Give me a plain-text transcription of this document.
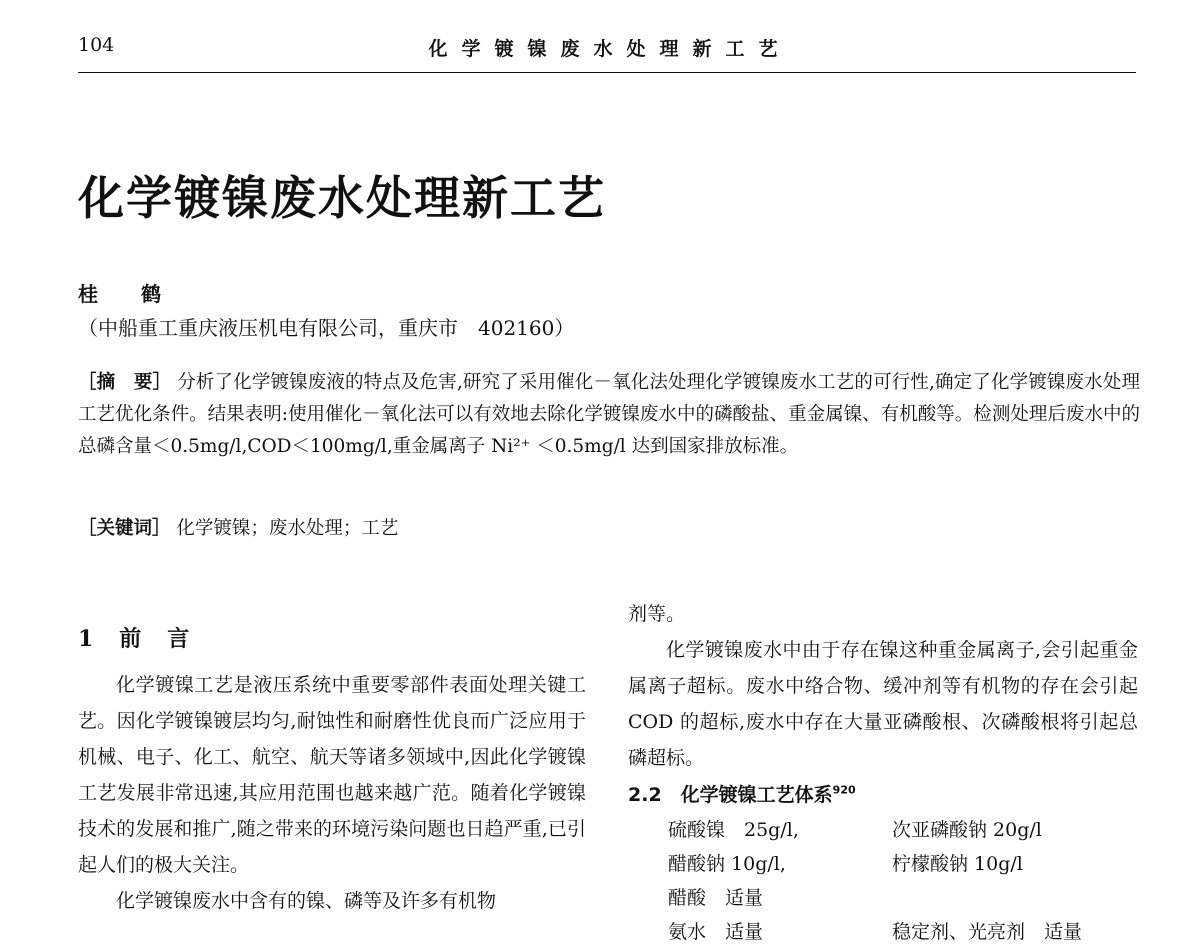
104	化学镀镍废水处理新工艺
化学镀镍废水处理新工艺
桂 鹤
（中船重工重庆液压机电有限公司，重庆市　402160）
［摘　要］ 分析了化学镀镍废液的特点及危害,研究了采用催化－氧化法处理化学镀镍废水工艺的可行性,确定了化学镀镍废水处理工艺优化条件。结果表明:使用催化－氧化法可以有效地去除化学镀镍废水中的磷酸盐、重金属镍、有机酸等。检测处理后废水中的总磷含量＜0.5mg/l,COD＜100mg/l,重金属离子 Ni²⁺ ＜0.5mg/l 达到国家排放标准。
［关键词］ 化学镀镍；废水处理；工艺
1　前　言

化学镀镍工艺是液压系统中重要零部件表面处理关键工艺。因化学镀镍镀层均匀,耐蚀性和耐磨性优良而广泛应用于机械、电子、化工、航空、航天等诸多领域中,因此化学镀镍工艺发展非常迅速,其应用范围也越来越广范。随着化学镀镍技术的发展和推广,随之带来的环境污染问题也日趋严重,已引起人们的极大关注。

化学镀镍废水中含有的镍、磷等及许多有机物

剂等。

化学镀镍废水中由于存在镍这种重金属离子,会引起重金属离子超标。废水中络合物、缓冲剂等有机物的存在会引起 COD 的超标,废水中存在大量亚磷酸根、次磷酸根将引起总磷超标。

2.2　化学镀镍工艺体系$^{920}$
硫酸镍　25g/l,	次亚磷酸钠 20g/l
醋酸钠 10g/l,	柠檬酸钠 10g/l
醋酸　适量
氨水　适量	稳定剂、光亮剂　适量
